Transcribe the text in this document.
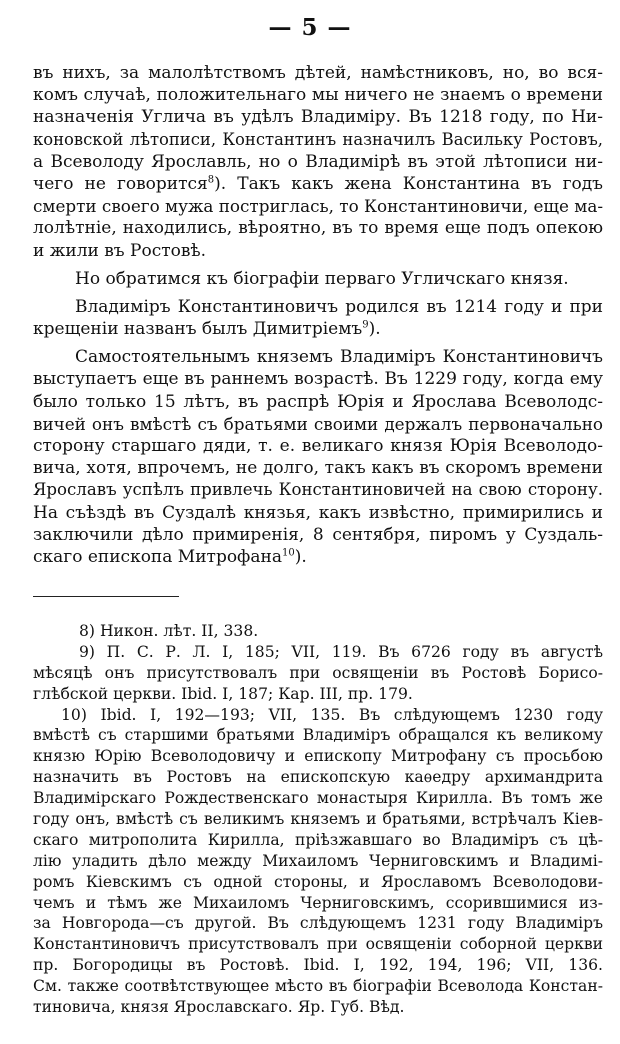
— 5 —
въ нихъ, за малолѣтствомъ дѣтей, намѣстниковъ, но, во вся-
комъ случаѣ, положительнаго мы ничего не знаемъ о времени
назначенія Углича въ удѣлъ Владиміру. Въ 1218 году, по Ни-
коновской лѣтописи, Константинъ назначилъ Васильку Ростовъ,
а Всеволоду Ярославль, но о Владимірѣ въ этой лѣтописи ни-
чего не говорится$^8$). Такъ какъ жена Константина въ годъ
смерти своего мужа постриглась, то Константиновичи, еще ма-
лолѣтніе, находились, вѣроятно, въ то время еще подъ опекою
и жили въ Ростовѣ.
Но обратимся къ біографіи перваго Угличскаго князя.
Владиміръ Константиновичъ родился въ 1214 году и при
крещеніи названъ былъ Димитріемъ$^9$).
Самостоятельнымъ княземъ Владиміръ Константиновичъ
выступаетъ еще въ раннемъ возрастѣ. Въ 1229 году, когда ему
было только 15 лѣтъ, въ распрѣ Юрія и Ярослава Всеволодс-
вичей онъ вмѣстѣ съ братьями своими держалъ первоначально
сторону старшаго дяди, т. е. великаго князя Юрія Всеволодо-
вича, хотя, впрочемъ, не долго, такъ какъ въ скоромъ времени
Ярославъ успѣлъ привлечь Константиновичей на свою сторону.
На съѣздѣ въ Суздалѣ князья, какъ извѣстно, примирились и
заключили дѣло примиренія, 8 сентября, пиромъ у Суздаль-
скаго епископа Митрофана$^{10}$).
8) Никон. лѣт. II, 338.
9) П. С. Р. Л. I, 185; VII, 119. Въ 6726 году въ августѣ
мѣсяцѣ онъ присутствовалъ при освященіи въ Ростовѣ Борисо-
глѣбской церкви. Ibid. I, 187; Кар. III, пр. 179.
10) Ibid. I, 192—193; VII, 135. Въ слѣдующемъ 1230 году
вмѣстѣ съ старшими братьями Владиміръ обращался къ великому
князю Юрію Всеволодовичу и епископу Митрофану съ просьбою
назначить въ Ростовъ на епископскую каѳедру архимандрита
Владимірскаго Рождественскаго монастыря Кирилла. Въ томъ же
году онъ, вмѣстѣ съ великимъ княземъ и братьями, встрѣчалъ Кіев-
скаго митрополита Кирилла, пріѣзжавшаго во Владиміръ съ цѣ-
лію уладить дѣло между Михаиломъ Черниговскимъ и Владимі-
ромъ Кіевскимъ съ одной стороны, и Ярославомъ Всеволодови-
чемъ и тѣмъ же Михаиломъ Черниговскимъ, ссорившимися из-
за Новгорода—съ другой. Въ слѣдующемъ 1231 году Владиміръ
Константиновичъ присутствовалъ при освященіи соборной церкви
пр. Богородицы въ Ростовѣ. Ibid. I, 192, 194, 196; VII, 136.
См. также соотвѣтствующее мѣсто въ біографіи Всеволода Констан-
тиновича, князя Ярославскаго. Яр. Губ. Вѣд.
